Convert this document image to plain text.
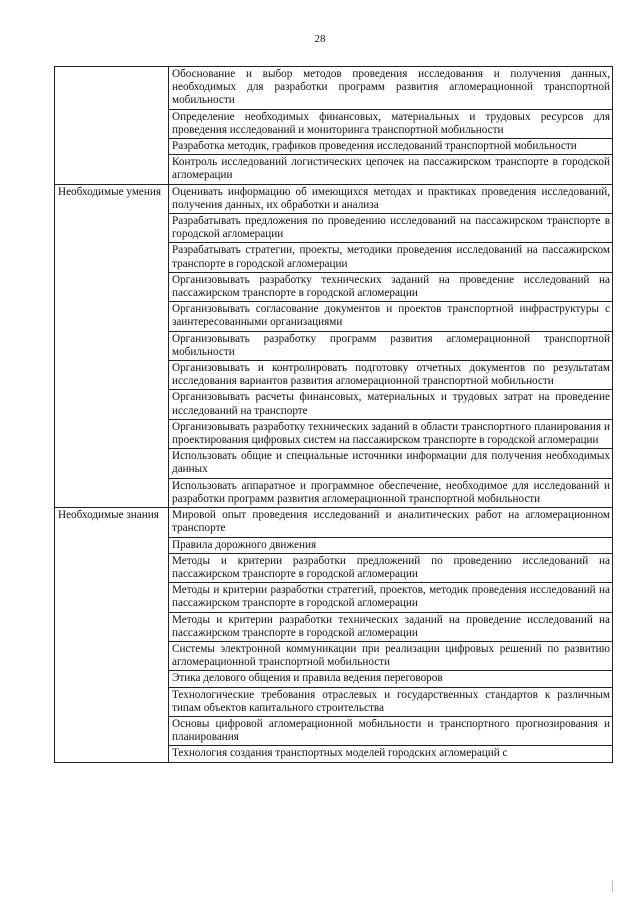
28
	Обоснование и выбор методов проведения исследования и получения данных, необходимых для разработки программ развития агломерационной транспортной мобильности
	Определение необходимых финансовых, материальных и трудовых ресурсов для проведения исследований и мониторинга транспортной мобильности
	Разработка методик, графиков проведения исследований транспортной мобильности
	Контроль исследований логистических цепочек на пассажирском транспорте в городской агломерации
Необходимые умения	Оценивать информацию об имеющихся методах и практиках проведения исследований, получения данных, их обработки и анализа
	Разрабатывать предложения по проведению исследований на пассажирском транспорте в городской агломерации
	Разрабатывать стратегии, проекты, методики проведения исследований на пассажирском транспорте в городской агломерации
	Организовывать разработку технических заданий на проведение исследований на пассажирском транспорте в городской агломерации
	Организовывать согласование документов и проектов транспортной инфраструктуры с заинтересованными организациями
	Организовывать разработку программ развития агломерационной транспортной мобильности
	Организовывать и контролировать подготовку отчетных документов по результатам исследования вариантов развития агломерационной транспортной мобильности
	Организовывать расчеты финансовых, материальных и трудовых затрат на проведение исследований на транспорте
	Организовывать разработку технических заданий в области транспортного планирования и проектирования цифровых систем на пассажирском транспорте в городской агломерации
	Использовать общие и специальные источники информации для получения необходимых данных
	Использовать аппаратное и программное обеспечение, необходимое для исследований и разработки программ развития агломерационной транспортной мобильности
Необходимые знания	Мировой опыт проведения исследований и аналитических работ на агломерационном транспорте
	Правила дорожного движения
	Методы и критерии разработки предложений по проведению исследований на пассажирском транспорте в городской агломерации
	Методы и критерии разработки стратегий, проектов, методик проведения исследований на пассажирском транспорте в городской агломерации
	Методы и критерии разработки технических заданий на проведение исследований на пассажирском транспорте в городской агломерации
	Системы электронной коммуникации при реализации цифровых решений по развитию агломерационной транспортной мобильности
	Этика делового общения и правила ведения переговоров
	Технологические требования отраслевых и государственных стандартов к различным типам объектов капитального строительства
	Основы цифровой агломерационной мобильности и транспортного прогнозирования и планирования
	Технология создания транспортных моделей городских агломераций с
